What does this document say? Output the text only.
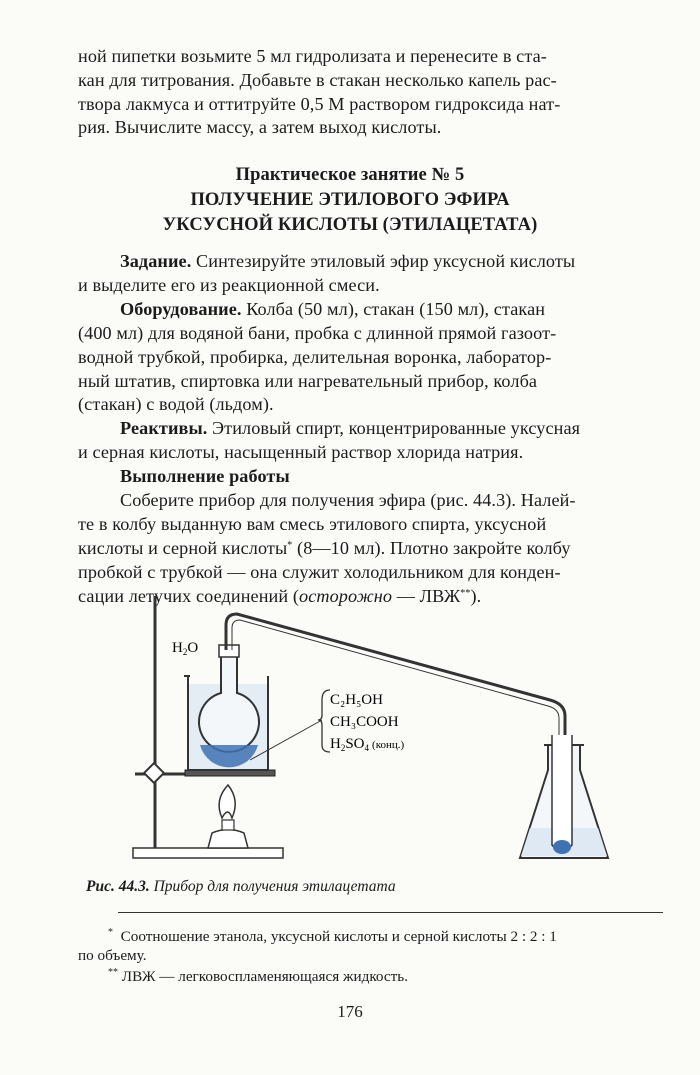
ной пипетки возьмите 5 мл гидролизата и перенесите в ста-
кан для титрования. Добавьте в стакан несколько капель рас-
твора лакмуса и оттитруйте 0,5 М раствором гидроксида нат-
рия. Вычислите массу, а затем выход кислоты.
Практическое занятие № 5
ПОЛУЧЕНИЕ ЭТИЛОВОГО ЭФИРА
УКСУСНОЙ КИСЛОТЫ (ЭТИЛАЦЕТАТА)
Задание. Синтезируйте этиловый эфир уксусной кислоты
и выделите его из реакционной смеси.
Оборудование. Колба (50 мл), стакан (150 мл), стакан
(400 мл) для водяной бани, пробка с длинной прямой газоот-
водной трубкой, пробирка, делительная воронка, лаборатор-
ный штатив, спиртовка или нагревательный прибор, колба
(стакан) с водой (льдом).
Реактивы. Этиловый спирт, концентрированные уксусная
и серная кислоты, насыщенный раствор хлорида натрия.
Выполнение работы
Соберите прибор для получения эфира (рис. 44.3). Налей-
те в колбу выданную вам смесь этилового спирта, уксусной
кислоты и серной кислоты* (8—10 мл). Плотно закройте колбу
пробкой с трубкой — она служит холодильником для конден-
сации летучих соединений (осторожно — ЛВЖ**).
$H_2O$
C₂H₅OH
CH₃COOH
$H_2SO_4$ $^{(конц.)}$
Рис. 44.3. Прибор для получения этилацетата
* Соотношение этанола, уксусной кислоты и серной кислоты 2 : 2 : 1
по объему.
** ЛВЖ — легковоспламеняющаяся жидкость.
176
